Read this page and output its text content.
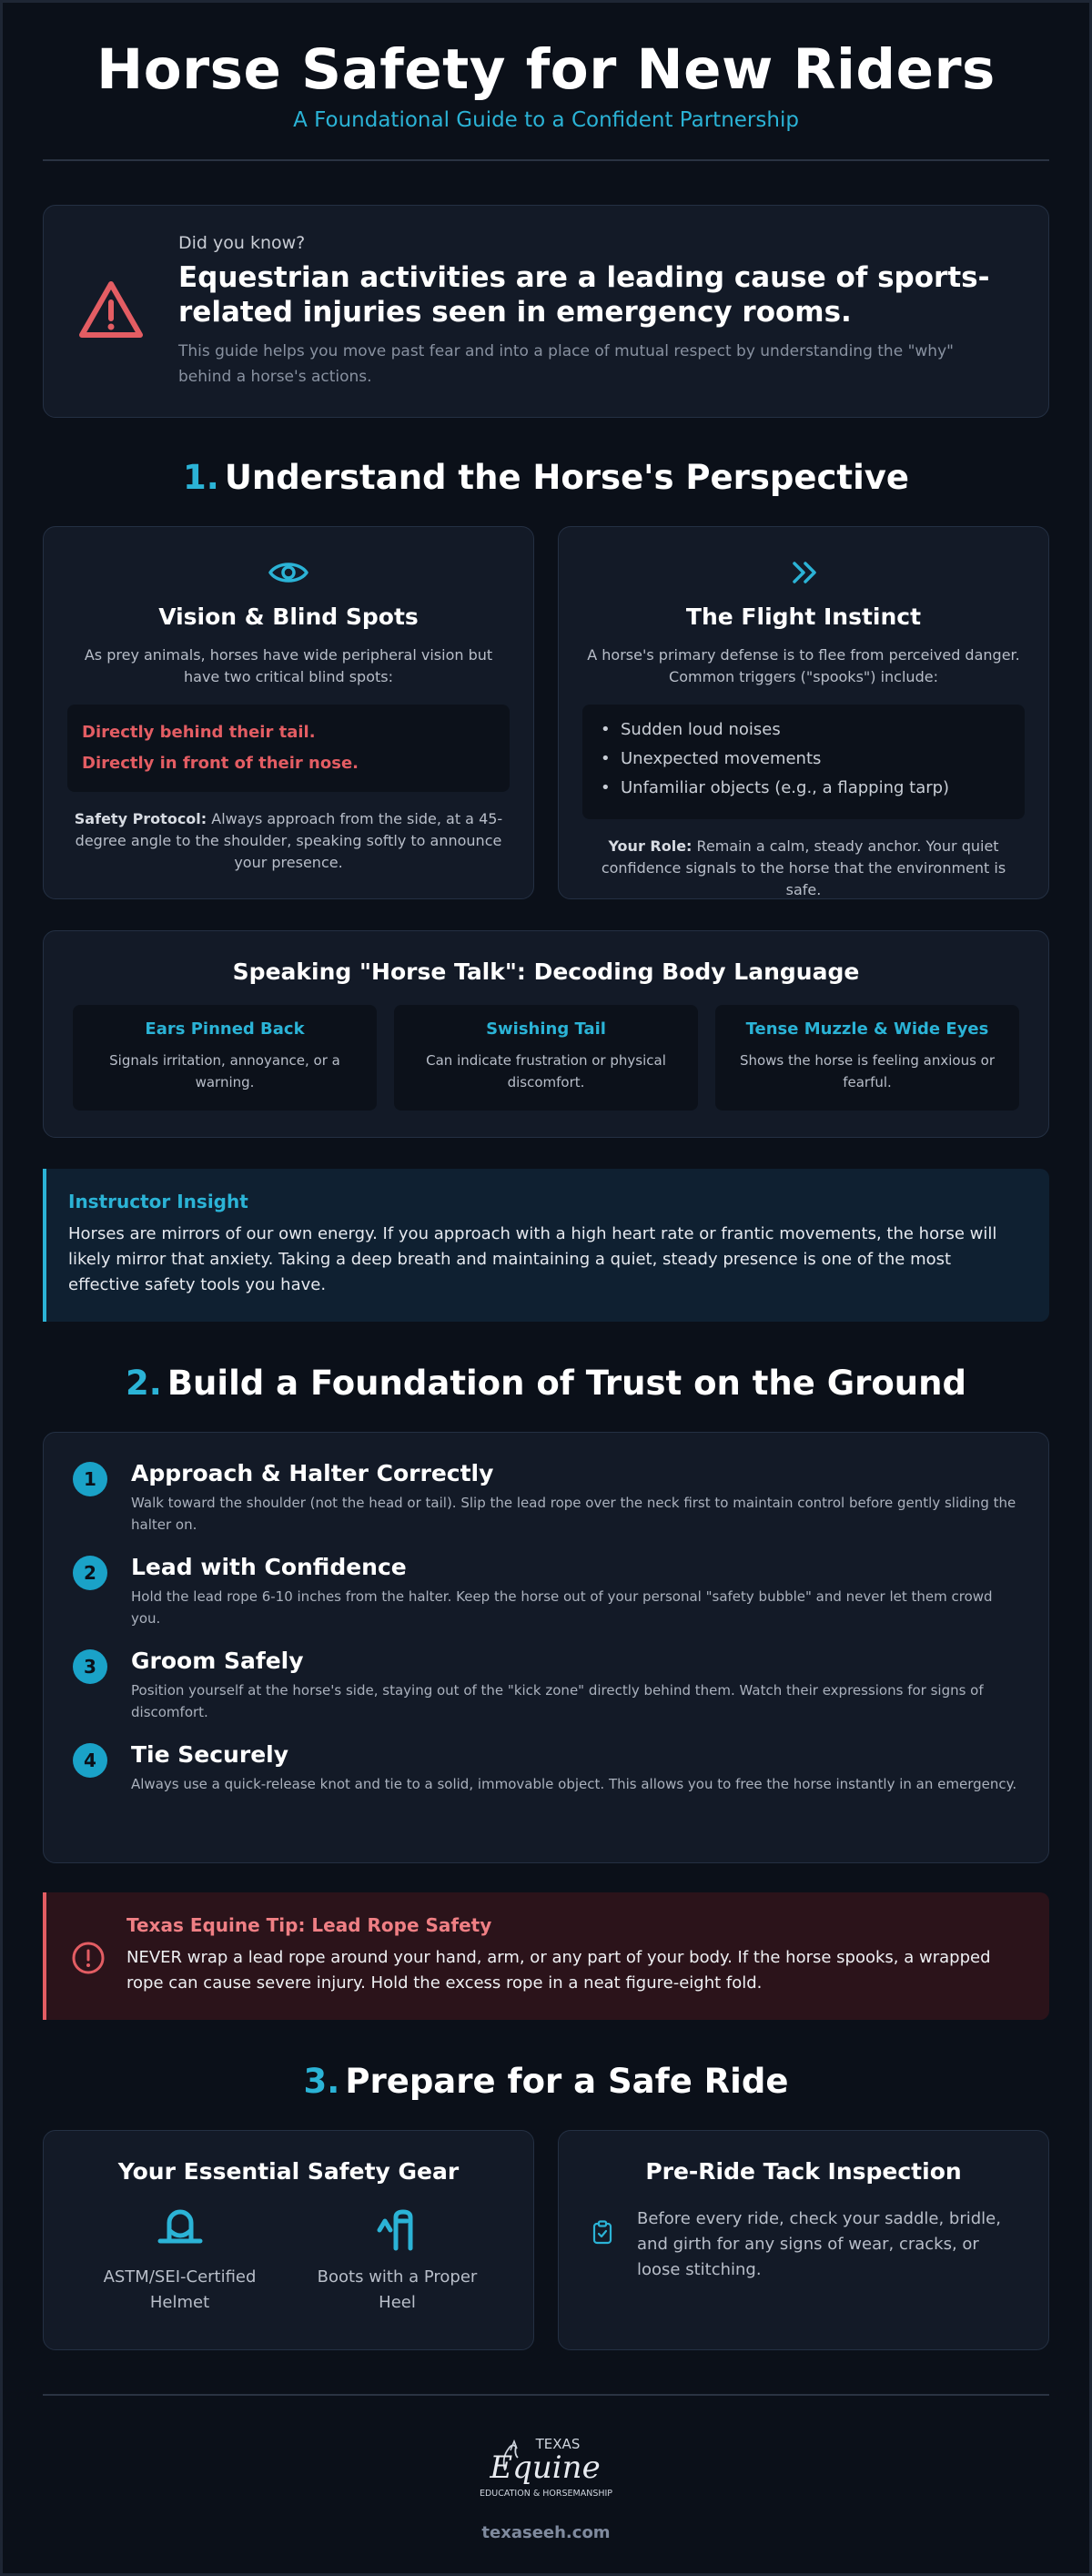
Horse Safety for New Riders
A Foundational Guide to a Confident Partnership
Did you know?
Equestrian activities are a leading cause of sports-related injuries seen in emergency rooms.
This guide helps you move past fear and into a place of mutual respect by understanding the "why" behind a horse's actions.
1. Understand the Horse's Perspective
Vision & Blind Spots
As prey animals, horses have wide peripheral vision but have two critical blind spots:
Directly behind their tail.
Directly in front of their nose.
Safety Protocol: Always approach from the side, at a 45-degree angle to the shoulder, speaking softly to announce your presence.
The Flight Instinct
A horse's primary defense is to flee from perceived danger. Common triggers ("spooks") include:
• Sudden loud noises
• Unexpected movements
• Unfamiliar objects (e.g., a flapping tarp)
Your Role: Remain a calm, steady anchor. Your quiet confidence signals to the horse that the environment is safe.
Speaking "Horse Talk": Decoding Body Language
Ears Pinned Back
Signals irritation, annoyance, or a warning.
Swishing Tail
Can indicate frustration or physical discomfort.
Tense Muzzle & Wide Eyes
Shows the horse is feeling anxious or fearful.
Instructor Insight
Horses are mirrors of our own energy. If you approach with a high heart rate or frantic movements, the horse will likely mirror that anxiety. Taking a deep breath and maintaining a quiet, steady presence is one of the most effective safety tools you have.
2. Build a Foundation of Trust on the Ground
1	Approach & Halter Correctly
Walk toward the shoulder (not the head or tail). Slip the lead rope over the neck first to maintain control before gently sliding the halter on.
2	Lead with Confidence
Hold the lead rope 6-10 inches from the halter. Keep the horse out of your personal "safety bubble" and never let them crowd you.
3	Groom Safely
Position yourself at the horse's side, staying out of the "kick zone" directly behind them. Watch their expressions for signs of discomfort.
4	Tie Securely
Always use a quick-release knot and tie to a solid, immovable object. This allows you to free the horse instantly in an emergency.
Texas Equine Tip: Lead Rope Safety
NEVER wrap a lead rope around your hand, arm, or any part of your body. If the horse spooks, a wrapped rope can cause severe injury. Hold the excess rope in a neat figure-eight fold.
3. Prepare for a Safe Ride
Your Essential Safety Gear
ASTM/SEI-Certified Helmet
Boots with a Proper Heel
Pre-Ride Tack Inspection
Before every ride, check your saddle, bridle, and girth for any signs of wear, cracks, or loose stitching.
TEXAS
Equine
EDUCATION & HORSEMANSHIP
texaseeh.com
